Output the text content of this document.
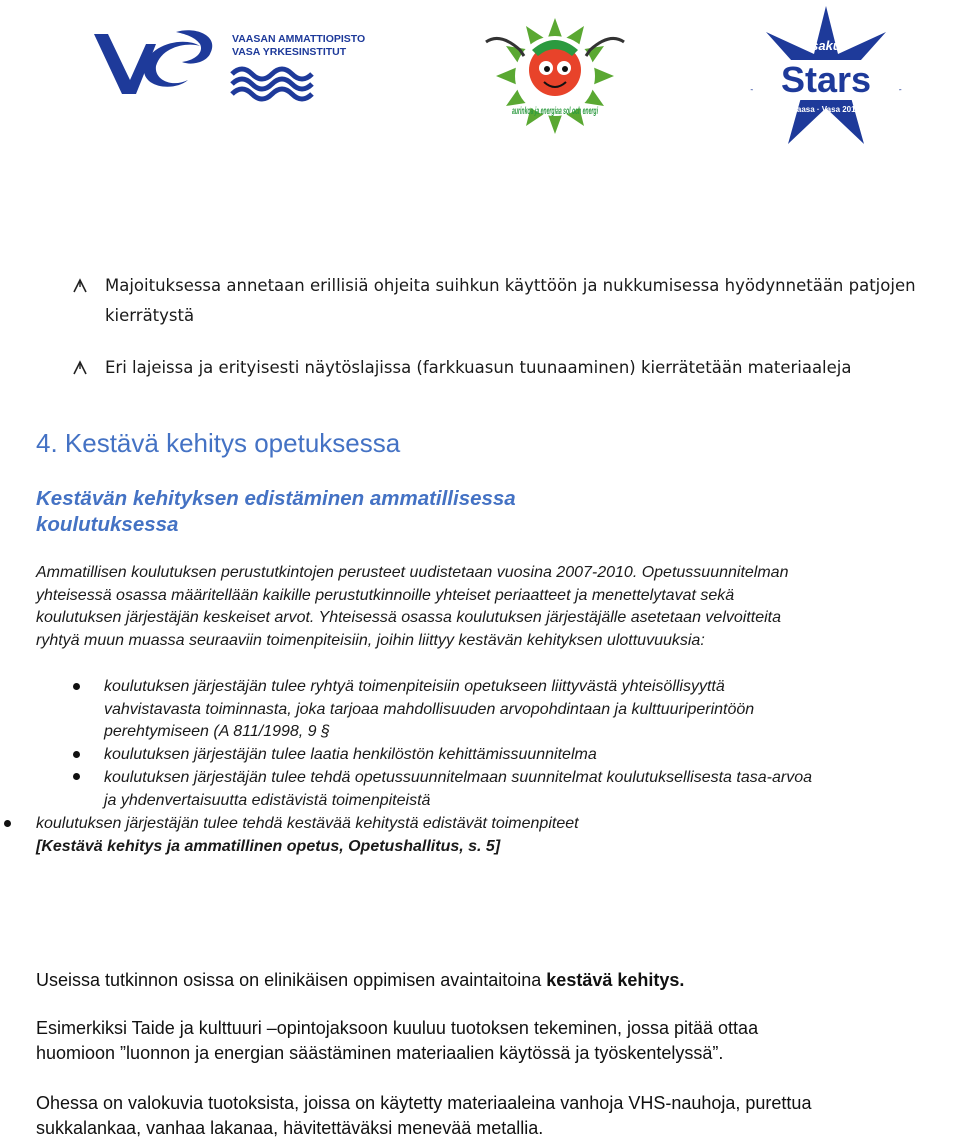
VAASAN AMMATTIOPISTO
VASA YRKESINSTITUT
aurinkoa ja energiaa sol och energi
saku
Stars
Vaasa · Vasa 2014
Majoituksessa annetaan erillisiä ohjeita suihkun käyttöön ja nukkumisessa hyödynnetään patjojen
kierrätystä
Eri lajeissa ja erityisesti näytöslajissa (farkkuasun tuunaaminen) kierrätetään materiaaleja
4. Kestävä kehitys opetuksessa
Kestävän kehityksen edistäminen ammatillisessa
koulutuksessa
Ammatillisen koulutuksen perustutkintojen perusteet uudistetaan vuosina 2007-2010. Opetussuunnitelman
yhteisessä osassa määritellään kaikille perustutkinnoille yhteiset periaatteet ja menettelytavat sekä
koulutuksen järjestäjän keskeiset arvot. Yhteisessä osassa koulutuksen järjestäjälle asetetaan velvoitteita
ryhtyä muun muassa seuraaviin toimenpiteisiin, joihin liittyy kestävän kehityksen ulottuvuuksia:
koulutuksen järjestäjän tulee ryhtyä toimenpiteisiin opetukseen liittyvästä yhteisöllisyyttä
vahvistavasta toiminnasta, joka tarjoaa mahdollisuuden arvopohdintaan ja kulttuuriperintöön
perehtymiseen (A 811/1998, 9 §
koulutuksen järjestäjän tulee laatia henkilöstön kehittämissuunnitelma
koulutuksen järjestäjän tulee tehdä opetussuunnitelmaan suunnitelmat koulutuksellisesta tasa-arvoa
ja yhdenvertaisuutta edistävistä toimenpiteistä
koulutuksen järjestäjän tulee tehdä kestävää kehitystä edistävät toimenpiteet
[Kestävä kehitys ja ammatillinen opetus, Opetushallitus, s. 5]
Useissa tutkinnon osissa on elinikäisen oppimisen avaintaitoina kestävä kehitys.
Esimerkiksi Taide ja kulttuuri –opintojaksoon kuuluu tuotoksen tekeminen, jossa pitää ottaa
huomioon ”luonnon ja energian säästäminen materiaalien käytössä ja työskentelyssä”.
Ohessa on valokuvia tuotoksista, joissa on käytetty materiaaleina vanhoja VHS-nauhoja, purettua
sukkalankaa, vanhaa lakanaa, hävitettäväksi menevää metallia.
